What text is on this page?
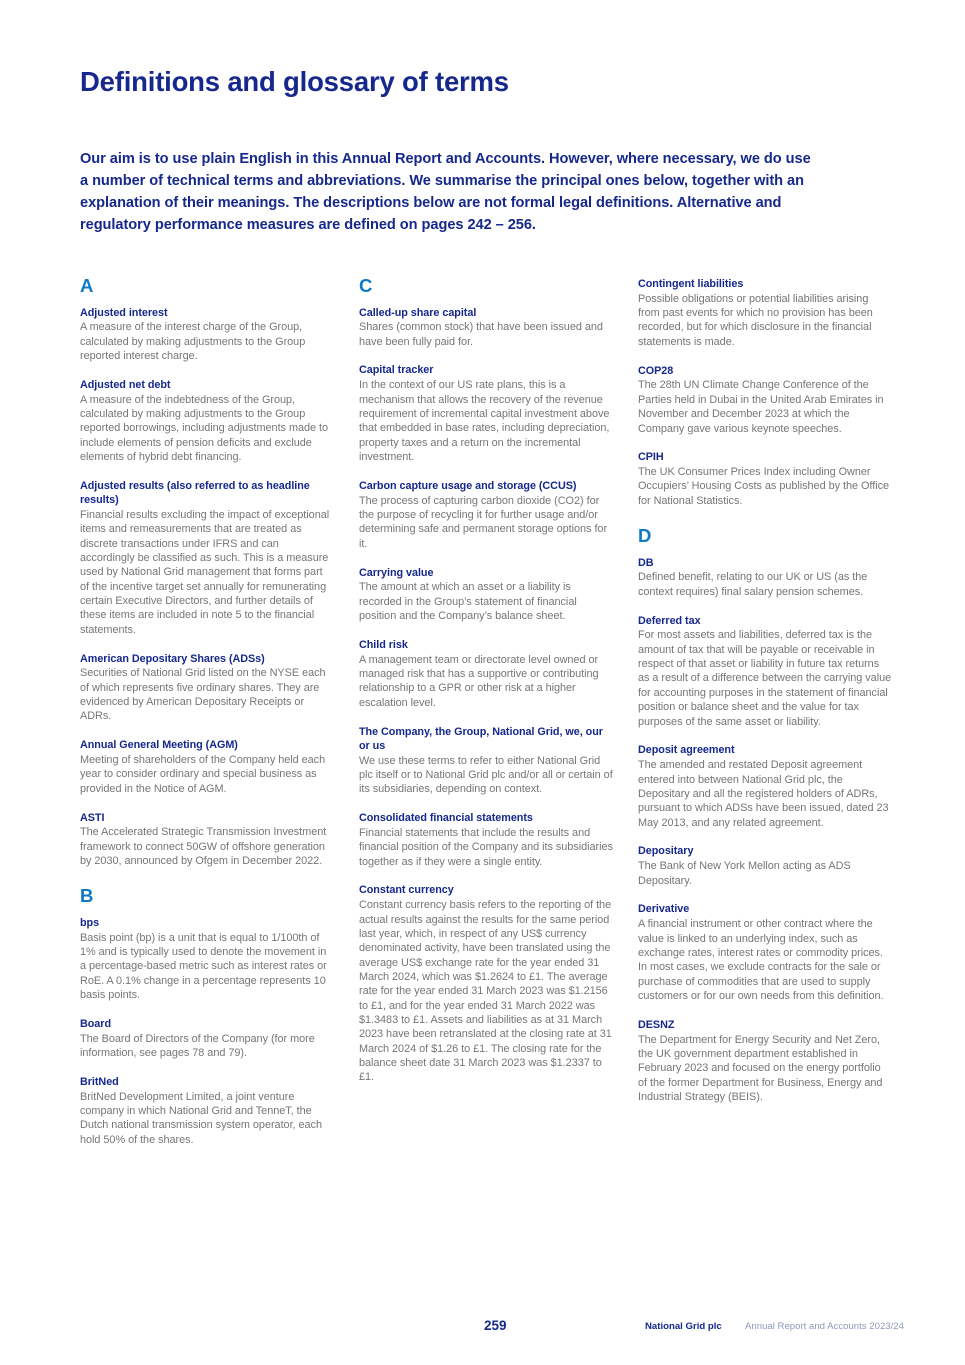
Definitions and glossary of terms

Our aim is to use plain English in this Annual Report and Accounts. However, where necessary, we do use a number of technical terms and abbreviations. We summarise the principal ones below, together with an explanation of their meanings. The descriptions below are not formal legal definitions. Alternative and regulatory performance measures are defined on pages 242 – 256.

A
Adjusted interest
A measure of the interest charge of the Group, calculated by making adjustments to the Group reported interest charge.
Adjusted net debt
A measure of the indebtedness of the Group, calculated by making adjustments to the Group reported borrowings, including adjustments made to include elements of pension deficits and exclude elements of hybrid debt financing.
Adjusted results (also referred to as headline results)
Financial results excluding the impact of exceptional items and remeasurements that are treated as discrete transactions under IFRS and can accordingly be classified as such. This is a measure used by National Grid management that forms part of the incentive target set annually for remunerating certain Executive Directors, and further details of these items are included in note 5 to the financial statements.
American Depositary Shares (ADSs)
Securities of National Grid listed on the NYSE each of which represents five ordinary shares. They are evidenced by American Depositary Receipts or ADRs.
Annual General Meeting (AGM)
Meeting of shareholders of the Company held each year to consider ordinary and special business as provided in the Notice of AGM.
ASTI
The Accelerated Strategic Transmission Investment framework to connect 50GW of offshore generation by 2030, announced by Ofgem in December 2022.
B
bps
Basis point (bp) is a unit that is equal to 1/100th of 1% and is typically used to denote the movement in a percentage-based metric such as interest rates or RoE. A 0.1% change in a percentage represents 10 basis points.
Board
The Board of Directors of the Company (for more information, see pages 78 and 79).
BritNed
BritNed Development Limited, a joint venture company in which National Grid and TenneT, the Dutch national transmission system operator, each hold 50% of the shares.
C
Called-up share capital
Shares (common stock) that have been issued and have been fully paid for.
Capital tracker
In the context of our US rate plans, this is a mechanism that allows the recovery of the revenue requirement of incremental capital investment above that embedded in base rates, including depreciation, property taxes and a return on the incremental investment.
Carbon capture usage and storage (CCUS)
The process of capturing carbon dioxide (CO2) for the purpose of recycling it for further usage and/or determining safe and permanent storage options for it.
Carrying value
The amount at which an asset or a liability is recorded in the Group’s statement of financial position and the Company’s balance sheet.
Child risk
A management team or directorate level owned or managed risk that has a supportive or contributing relationship to a GPR or other risk at a higher escalation level.
The Company, the Group, National Grid, we, our or us
We use these terms to refer to either National Grid plc itself or to National Grid plc and/or all or certain of its subsidiaries, depending on context.
Consolidated financial statements
Financial statements that include the results and financial position of the Company and its subsidiaries together as if they were a single entity.
Constant currency
Constant currency basis refers to the reporting of the actual results against the results for the same period last year, which, in respect of any US$ currency denominated activity, have been translated using the average US$ exchange rate for the year ended 31 March 2024, which was $1.2624 to £1. The average rate for the year ended 31 March 2023 was $1.2156 to £1, and for the year ended 31 March 2022 was $1.3483 to £1. Assets and liabilities as at 31 March 2023 have been retranslated at the closing rate at 31 March 2024 of $1.26 to £1. The closing rate for the balance sheet date 31 March 2023 was $1.2337 to £1.
Contingent liabilities
Possible obligations or potential liabilities arising from past events for which no provision has been recorded, but for which disclosure in the financial statements is made.
COP28
The 28th UN Climate Change Conference of the Parties held in Dubai in the United Arab Emirates in November and December 2023 at which the Company gave various keynote speeches.
CPIH
The UK Consumer Prices Index including Owner Occupiers’ Housing Costs as published by the Office for National Statistics.
D
DB
Defined benefit, relating to our UK or US (as the context requires) final salary pension schemes.
Deferred tax
For most assets and liabilities, deferred tax is the amount of tax that will be payable or receivable in respect of that asset or liability in future tax returns as a result of a difference between the carrying value for accounting purposes in the statement of financial position or balance sheet and the value for tax purposes of the same asset or liability.
Deposit agreement
The amended and restated Deposit agreement entered into between National Grid plc, the Depositary and all the registered holders of ADRs, pursuant to which ADSs have been issued, dated 23 May 2013, and any related agreement.
Depositary
The Bank of New York Mellon acting as ADS Depositary.
Derivative
A financial instrument or other contract where the value is linked to an underlying index, such as exchange rates, interest rates or commodity prices. In most cases, we exclude contracts for the sale or purchase of commodities that are used to supply customers or for our own needs from this definition.
DESNZ
The Department for Energy Security and Net Zero, the UK government department established in February 2023 and focused on the energy portfolio of the former Department for Business, Energy and Industrial Strategy (BEIS).
259	National Grid plc Annual Report and Accounts 2023/24
